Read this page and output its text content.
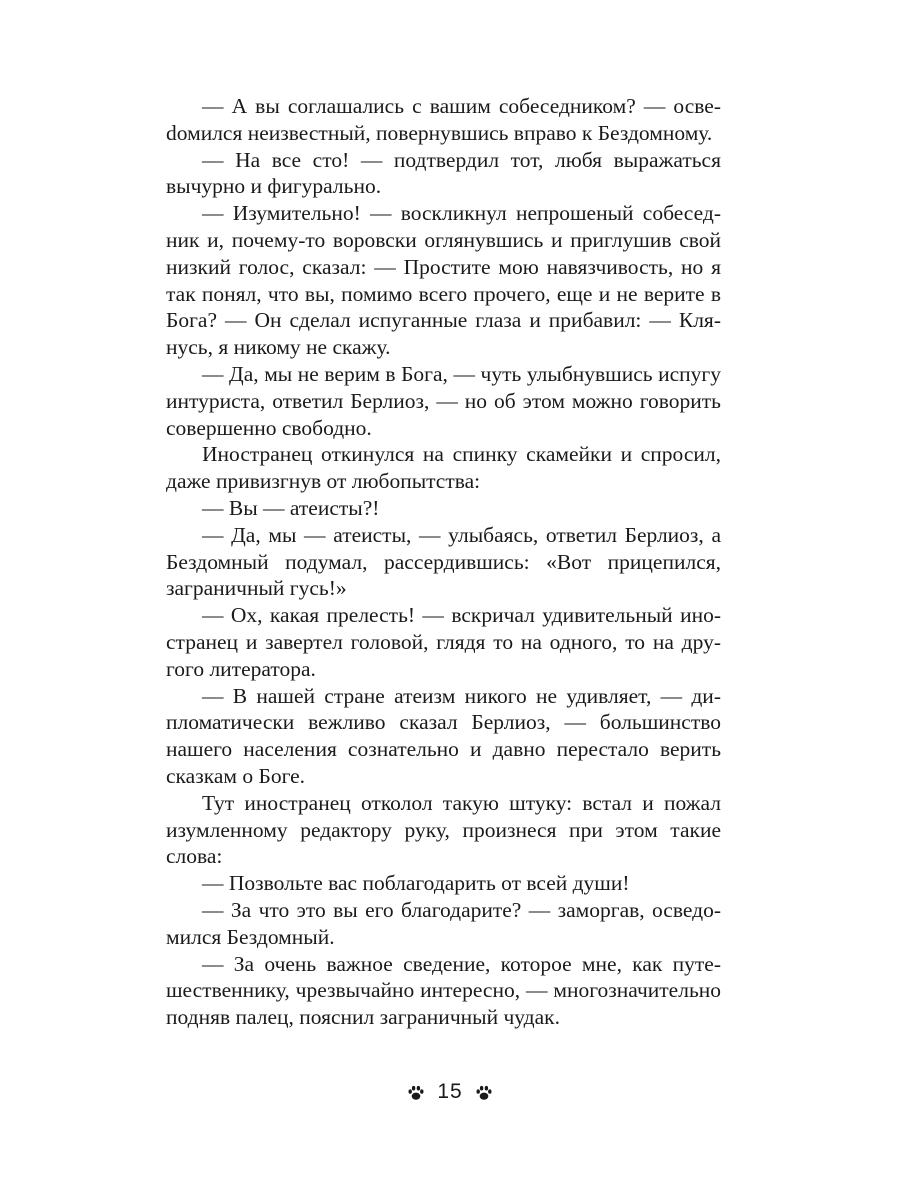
— А вы соглашались с вашим собеседником? — освеdомился неизвестный, повернувшись вправо к Бездомному.

— На все сто! — подтвердил тот, любя выражаться вычурно и фигурально.

— Изумительно! — воскликнул непрошеный собеседник и, почему-то воровски оглянувшись и приглушив свой низкий голос, сказал: — Простите мою навязчивость, но я так понял, что вы, помимо всего прочего, еще и не верите в Бога? — Он сделал испуганные глаза и прибавил: — Клянусь, я никому не скажу.

— Да, мы не верим в Бога, — чуть улыбнувшись испугу интуриста, ответил Берлиоз, — но об этом можно говорить совершенно свободно.

Иностранец откинулся на спинку скамейки и спросил, даже привизгнув от любопытства:

— Вы — атеисты?!

— Да, мы — атеисты, — улыбаясь, ответил Берлиоз, а Бездомный подумал, рассердившись: «Вот прицепился, заграничный гусь!»

— Ох, какая прелесть! — вскричал удивительный иностранец и завертел головой, глядя то на одного, то на другого литератора.

— В нашей стране атеизм никого не удивляет, — дипломатически вежливо сказал Берлиоз, — большинство нашего населения сознательно и давно перестало верить сказкам о Боге.

Тут иностранец отколол такую штуку: встал и пожал изумленному редактору руку, произнеся при этом такие слова:

— Позвольте вас поблагодарить от всей души!

— За что это вы его благодарите? — заморгав, осведомился Бездомный.

— За очень важное сведение, которое мне, как путешественнику, чрезвычайно интересно, — многозначительно подняв палец, пояснил заграничный чудак.

15
